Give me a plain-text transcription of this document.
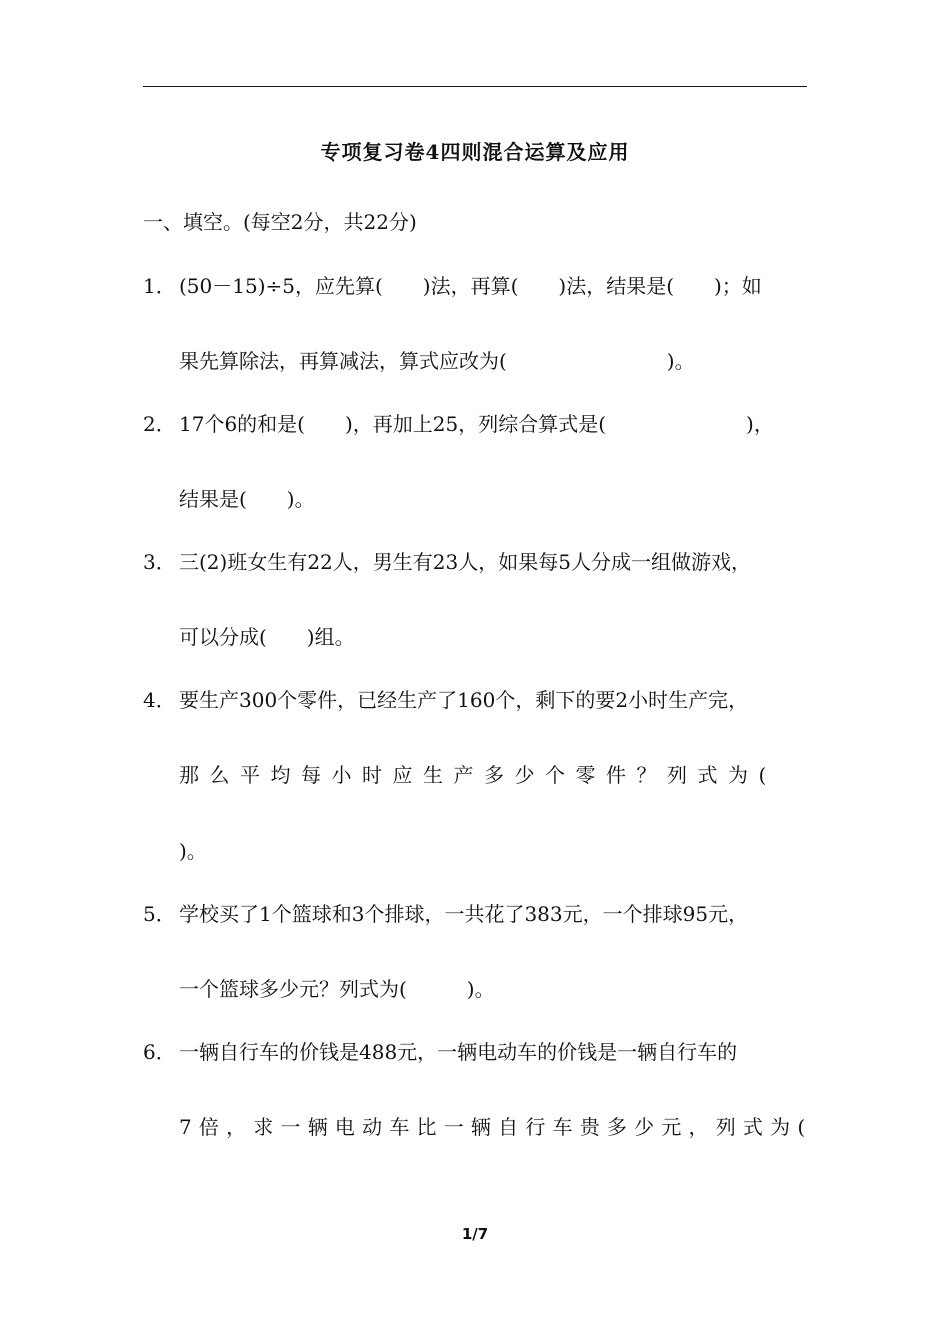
专项复习卷4四则混合运算及应用
一、填空。(每空2分，共22分)
1． (50－15)÷5，应先算(　　)法，再算(　　)法，结果是(　　)；如
果先算除法，再算减法，算式应改为(　　　　　　　　)。
2． 17个6的和是(　　)，再加上25，列综合算式是(　　　　　　　)，
结果是(　　)。
3． 三(2)班女生有22人，男生有23人，如果每5人分成一组做游戏，
可以分成(　　)组。
4． 要生产300个零件，已经生产了160个，剩下的要2小时生产完，
那么平均每小时应生产多少个零件？列式为(
)。
5． 学校买了1个篮球和3个排球，一共花了383元，一个排球95元，
一个篮球多少元？列式为(　　　)。
6． 一辆自行车的价钱是488元，一辆电动车的价钱是一辆自行车的
7倍，求一辆电动车比一辆自行车贵多少元，列式为(
1/7
